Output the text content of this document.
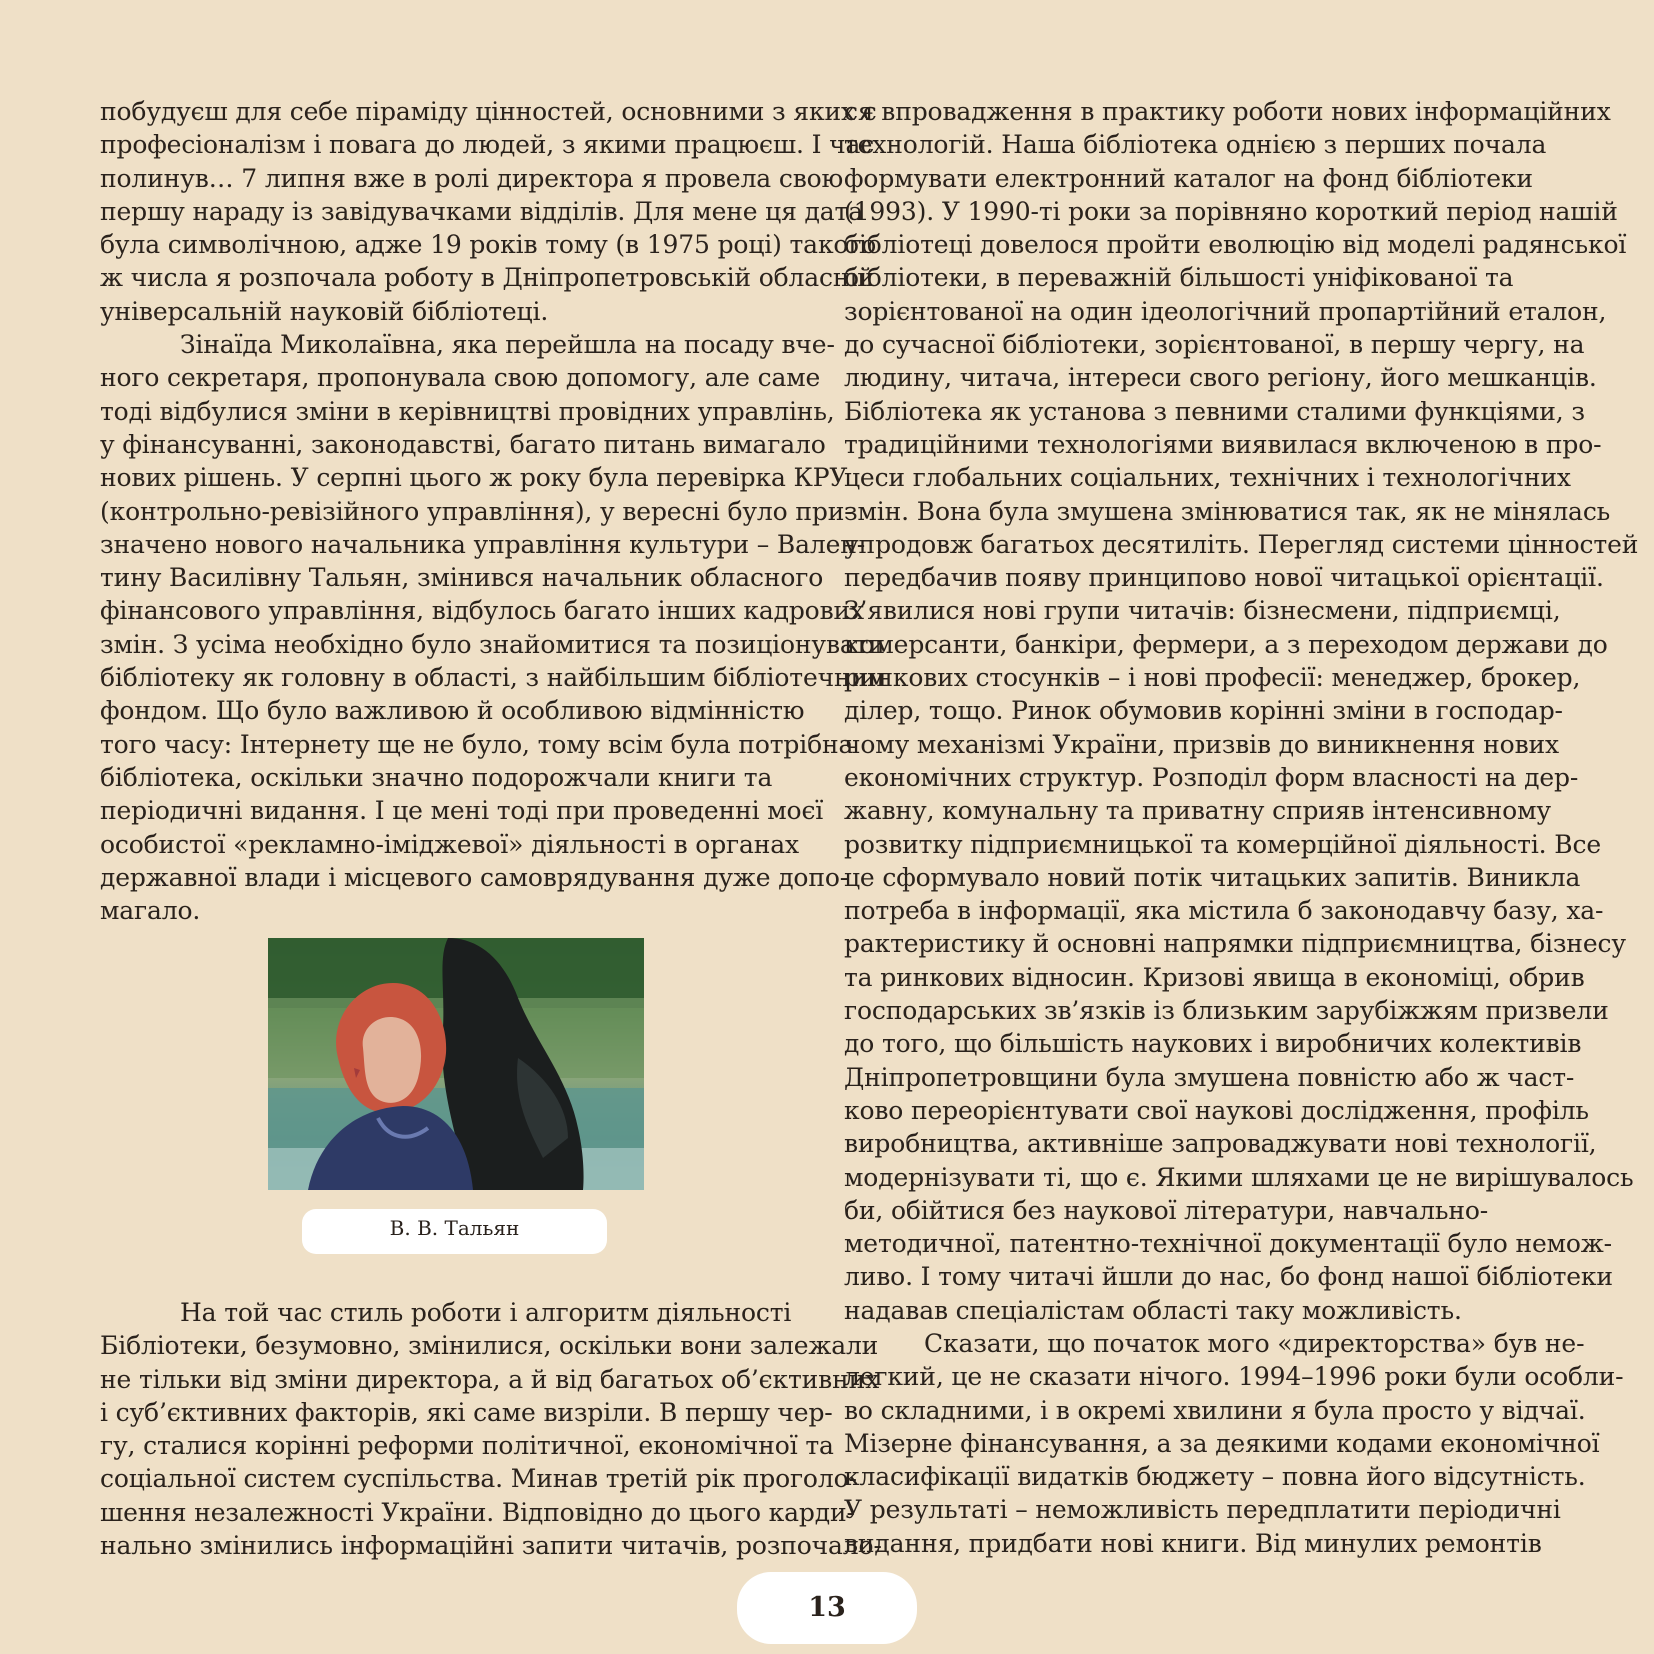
побудуєш для себе піраміду цінностей, основними з яких є
професіоналізм і повага до людей, з якими працюєш. І час
полинув… 7 липня вже в ролі директора я провела свою
першу нараду із завідувачками відділів. Для мене ця дата
була символічною, адже 19 років тому (в 1975 році) такого
ж числа я розпочала роботу в Дніпропетровській обласній
універсальній науковій бібліотеці.
Зінаїда Миколаївна, яка перейшла на посаду вче-
ного секретаря, пропонувала свою допомогу, але саме
тоді відбулися зміни в керівництві провідних управлінь,
у фінансуванні, законодавстві, багато питань вимагало
нових рішень. У серпні цього ж року була перевірка КРУ
(контрольно-ревізійного управління), у вересні було при-
значено нового начальника управління культури – Вален-
тину Василівну Тальян, змінився начальник обласного
фінансового управління, відбулось багато інших кадрових
змін. З усіма необхідно було знайомитися та позиціонувати
бібліотеку як головну в області, з найбільшим бібліотечним
фондом. Що було важливою й особливою відмінністю
того часу: Інтернету ще не було, тому всім була потрібна
бібліотека, оскільки значно подорожчали книги та
періодичні видання. І це мені тоді при проведенні моєї
особистої «рекламно-іміджевої» діяльності в органах
державної влади і місцевого самоврядування дуже допо-
магало.
В. В. Тальян
На той час стиль роботи і алгоритм діяльності
Бібліотеки, безумовно, змінилися, оскільки вони залежали
не тільки від зміни директора, а й від багатьох об’єктивних
і суб’єктивних факторів, які саме визріли. В першу чер-
гу, сталися корінні реформи політичної, економічної та
соціальної систем суспільства. Минав третій рік проголо-
шення незалежності України. Відповідно до цього карди-
нально змінились інформаційні запити читачів, розпочало-
ся впровадження в практику роботи нових інформаційних
технологій. Наша бібліотека однією з перших почала
формувати електронний каталог на фонд бібліотеки
(1993). У 1990-ті роки за порівняно короткий період нашій
бібліотеці довелося пройти еволюцію від моделі радянської
бібліотеки, в переважній більшості уніфікованої та
зорієнтованої на один ідеологічний пропартійний еталон,
до сучасної бібліотеки, зорієнтованої, в першу чергу, на
людину, читача, інтереси свого регіону, його мешканців.
Бібліотека як установа з певними сталими функціями, з
традиційними технологіями виявилася включеною в про-
цеси глобальних соціальних, технічних і технологічних
змін. Вона була змушена змінюватися так, як не мінялась
упродовж багатьох десятиліть. Перегляд системи цінностей
передбачив появу принципово нової читацької орієнтації.
З’явилися нові групи читачів: бізнесмени, підприємці,
комерсанти, банкіри, фермери, а з переходом держави до
ринкових стосунків – і нові професії: менеджер, брокер,
ділер, тощо. Ринок обумовив корінні зміни в господар-
чому механізмі України, призвів до виникнення нових
економічних структур. Розподіл форм власності на дер-
жавну, комунальну та приватну сприяв інтенсивному
розвитку підприємницької та комерційної діяльності. Все
це сформувало новий потік читацьких запитів. Виникла
потреба в інформації, яка містила б законодавчу базу, ха-
рактеристику й основні напрямки підприємництва, бізнесу
та ринкових відносин. Кризові явища в економіці, обрив
господарських зв’язків із близьким зарубіжжям призвели
до того, що більшість наукових і виробничих колективів
Дніпропетровщини була змушена повністю або ж част-
ково переорієнтувати свої наукові дослідження, профіль
виробництва, активніше запроваджувати нові технології,
модернізувати ті, що є. Якими шляхами це не вирішувалось
би, обійтися без наукової літератури, навчально-
методичної, патентно-технічної документації було немож-
ливо. І тому читачі йшли до нас, бо фонд нашої бібліотеки
надавав спеціалістам області таку можливість.
Сказати, що початок мого «директорства» був не-
легкий, це не сказати нічого. 1994–1996 роки були особли-
во складними, і в окремі хвилини я була просто у відчаї.
Мізерне фінансування, а за деякими кодами економічної
класифікації видатків бюджету – повна його відсутність.
У результаті – неможливість передплатити періодичні
видання, придбати нові книги. Від минулих ремонтів
13
